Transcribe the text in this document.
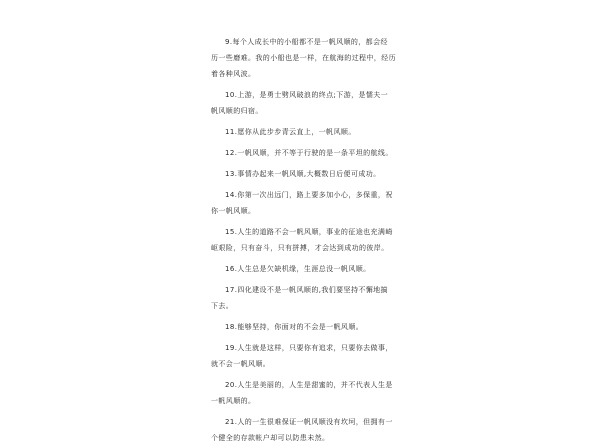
9.每个人成长中的小船都不是一帆风顺的，都会经
历一些磨难。我的小船也是一样，在航海的过程中，经历
着各种风波。
10.上游，是勇士劈风破浪的终点;下游，是懦夫一
帆风顺的归宿。
11.愿你从此步步青云直上，一帆风顺。
12.一帆风顺，并不等于行驶的是一条平坦的航线。
13.事情办起来一帆风顺,大概数日后便可成功。
14.你第一次出远门，路上要多加小心，多保重，祝
你一帆风顺。
15.人生的道路不会一帆风顺，事业的征途也充满崎
岖艰险，只有奋斗，只有拼搏，才会达到成功的彼岸。
16.人生总是欠缺机缘，生涯总没一帆风顺。
17.四化建设不是一帆风顺的,我们要坚持不懈地搞
下去。
18.能够坚持，你面对的不会是一帆风顺。
19.人生就是这样，只要你有追求，只要你去做事，
就不会一帆风顺。
20.人生是美丽的，人生是甜蜜的，并不代表人生是
一帆风顺的。
21.人的一生很难保证一帆风顺没有坎坷，但拥有一
个健全的存款帐户却可以防患未然。
